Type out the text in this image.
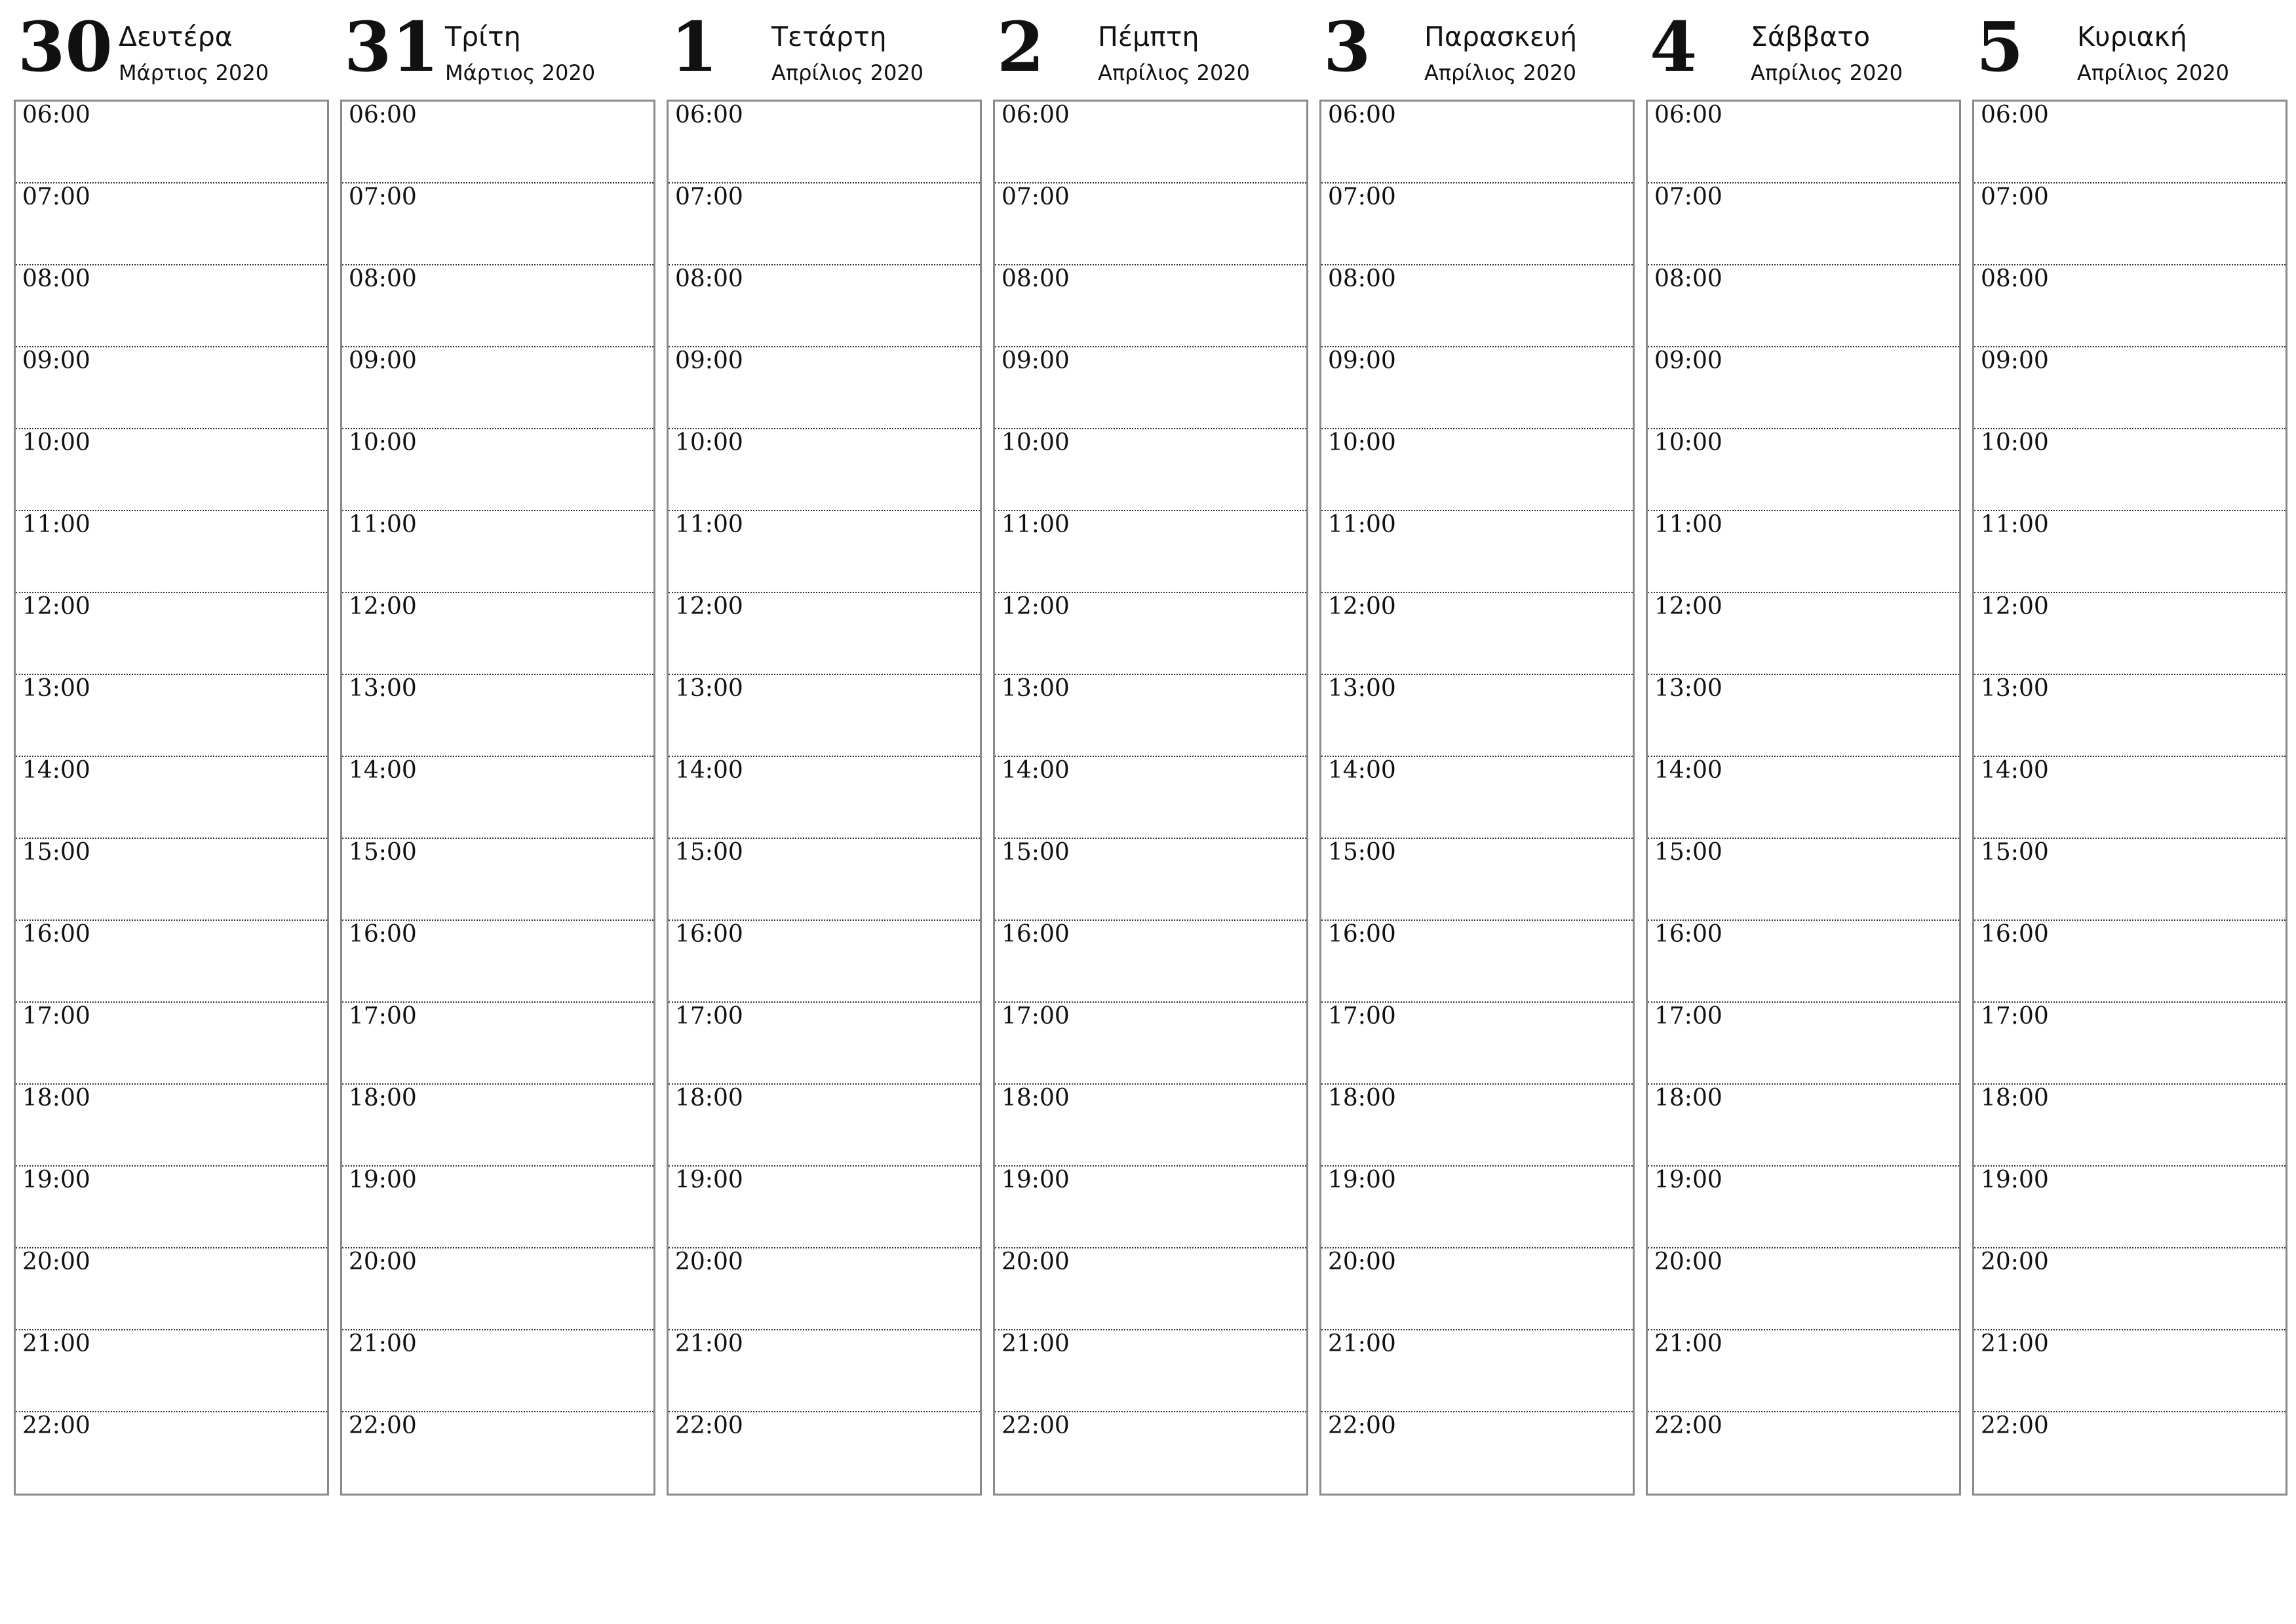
30 Δευτέρα
Μάρτιος 2020
06:00
07:00
08:00
09:00
10:00
11:00
12:00
13:00
14:00
15:00
16:00
17:00
18:00
19:00
20:00
21:00
22:00
31 Τρίτη
Μάρτιος 2020
06:00
07:00
08:00
09:00
10:00
11:00
12:00
13:00
14:00
15:00
16:00
17:00
18:00
19:00
20:00
21:00
22:00
1 Τετάρτη
Απρίλιος 2020
06:00
07:00
08:00
09:00
10:00
11:00
12:00
13:00
14:00
15:00
16:00
17:00
18:00
19:00
20:00
21:00
22:00
2 Πέμπτη
Απρίλιος 2020
06:00
07:00
08:00
09:00
10:00
11:00
12:00
13:00
14:00
15:00
16:00
17:00
18:00
19:00
20:00
21:00
22:00
3 Παρασκευή
Απρίλιος 2020
06:00
07:00
08:00
09:00
10:00
11:00
12:00
13:00
14:00
15:00
16:00
17:00
18:00
19:00
20:00
21:00
22:00
4 Σάββατο
Απρίλιος 2020
06:00
07:00
08:00
09:00
10:00
11:00
12:00
13:00
14:00
15:00
16:00
17:00
18:00
19:00
20:00
21:00
22:00
5 Κυριακή
Απρίλιος 2020
06:00
07:00
08:00
09:00
10:00
11:00
12:00
13:00
14:00
15:00
16:00
17:00
18:00
19:00
20:00
21:00
22:00
